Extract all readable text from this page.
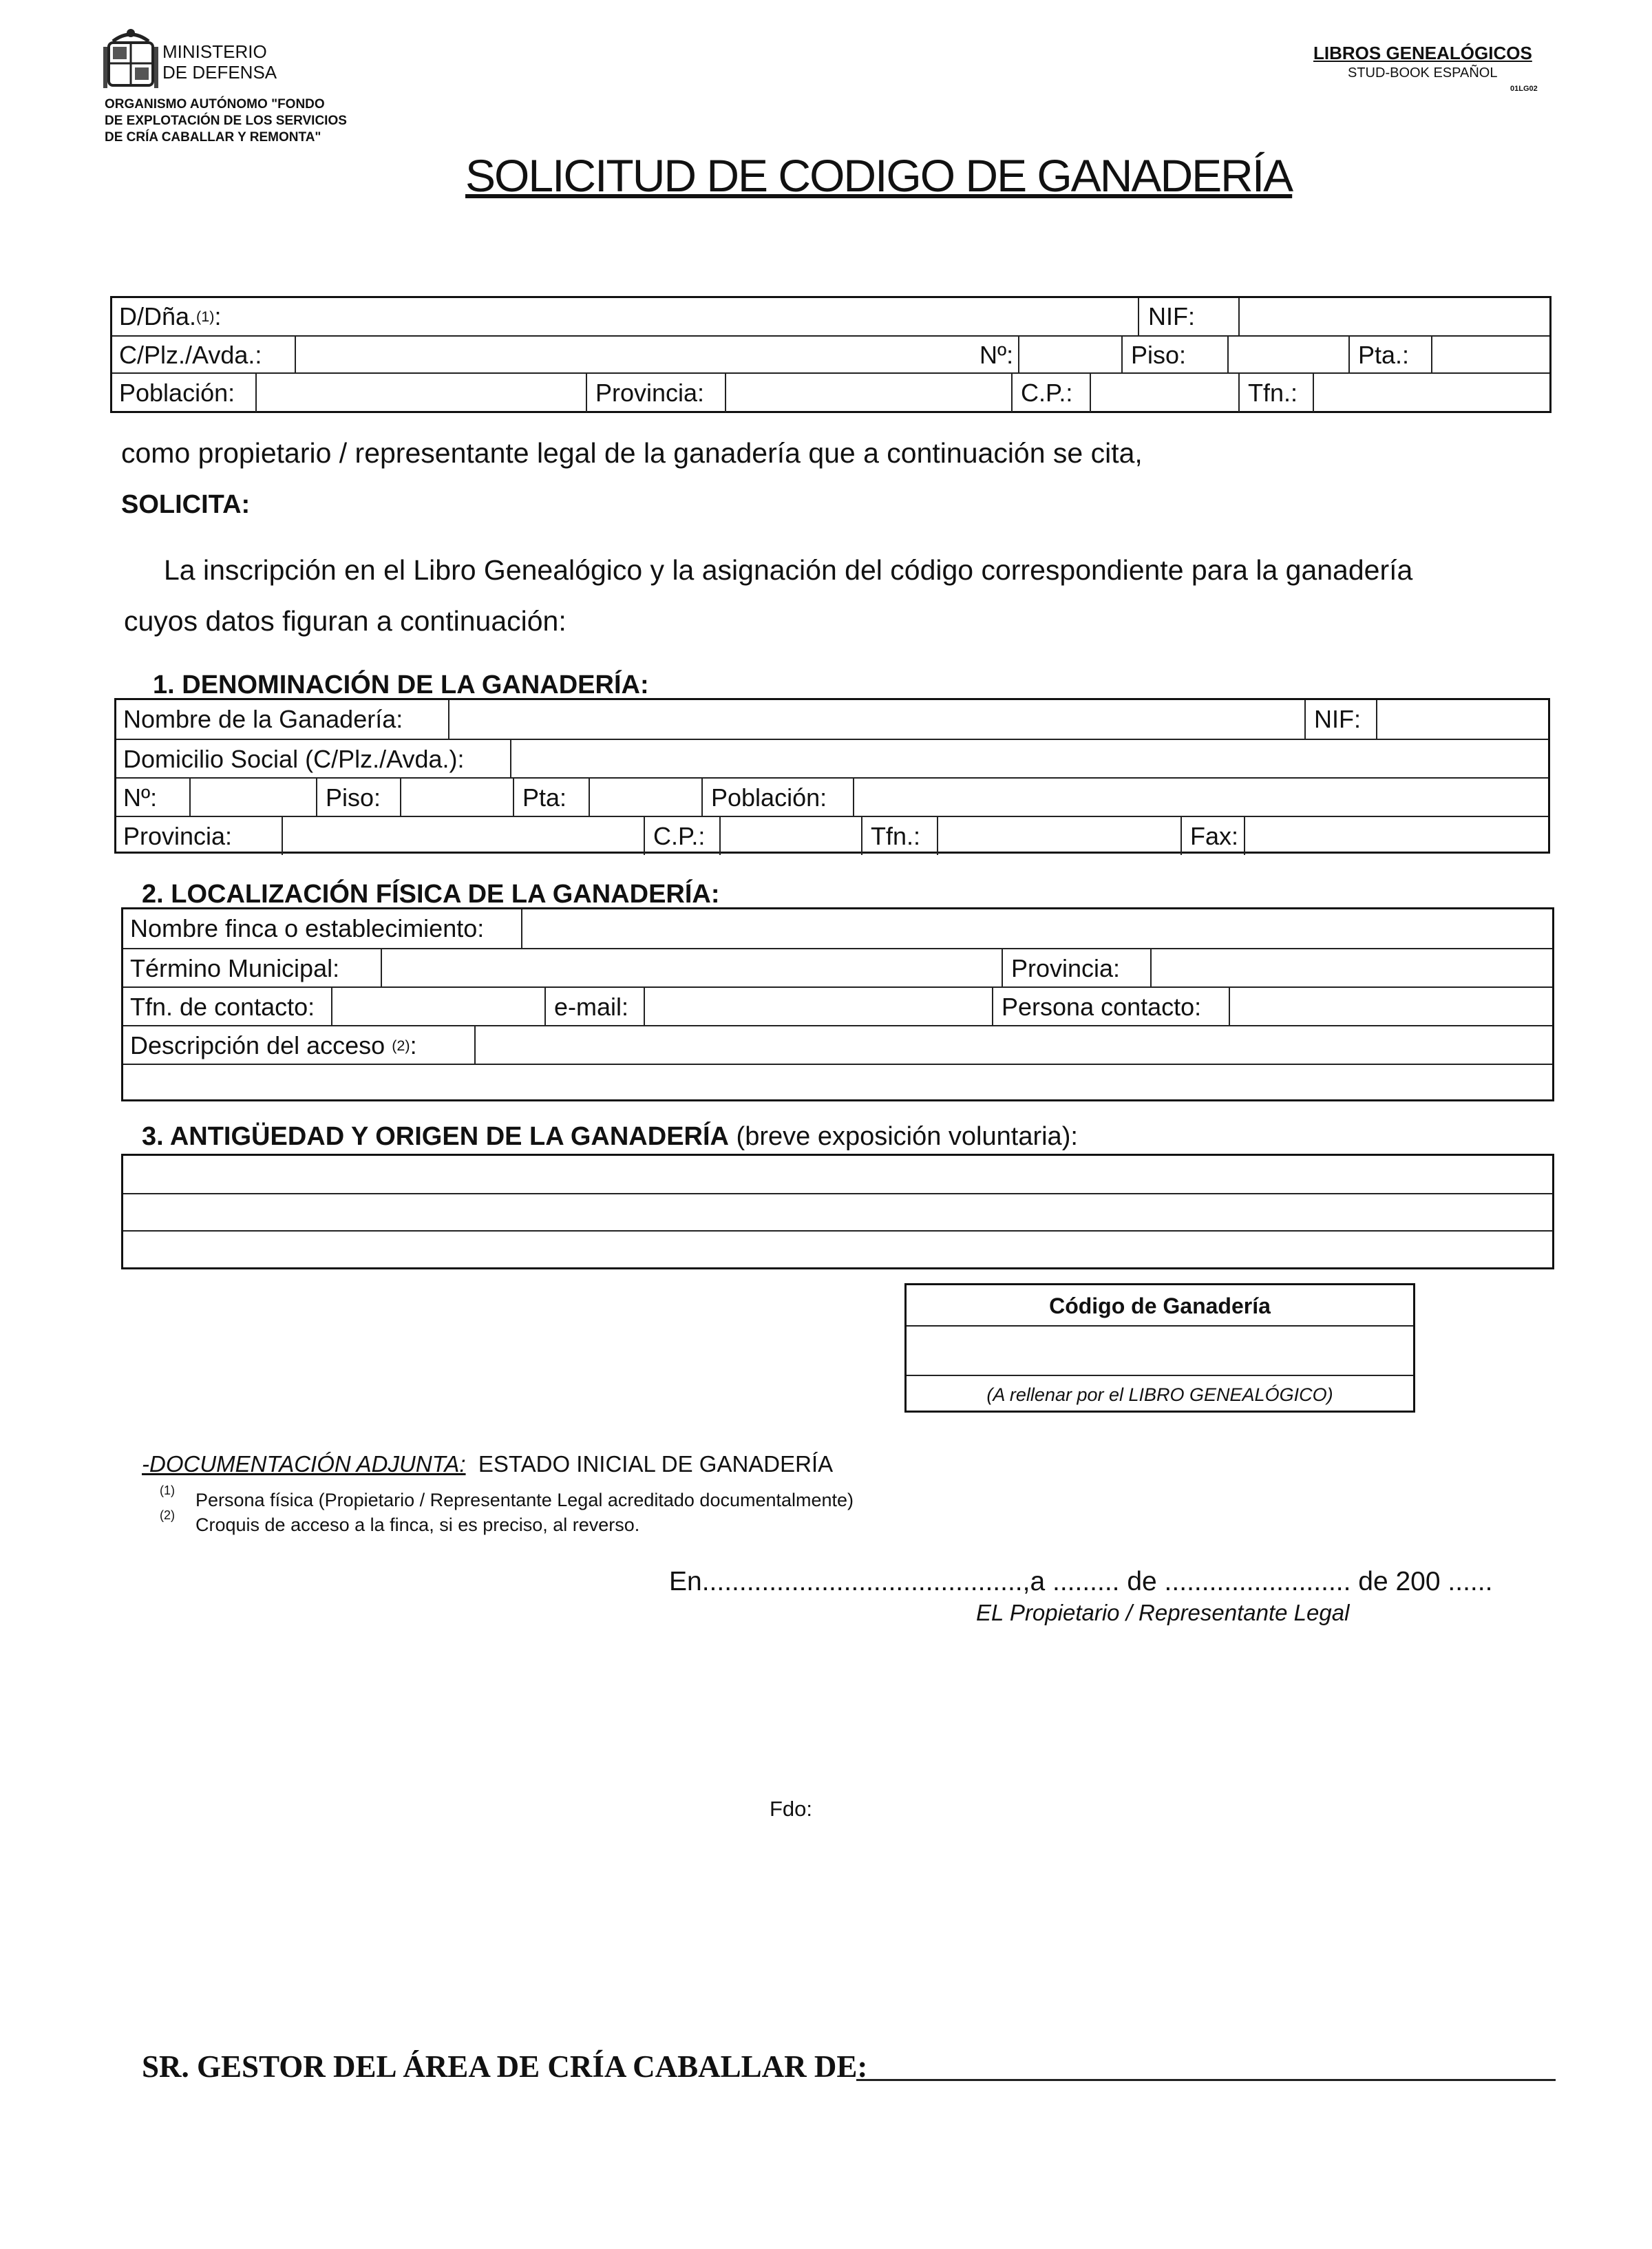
MINISTERIO
DE DEFENSA
ORGANISMO AUTÓNOMO "FONDO
DE EXPLOTACIÓN DE LOS SERVICIOS
DE CRÍA CABALLAR Y REMONTA"
LIBROS GENEALÓGICOS
STUD-BOOK ESPAÑOL
01LG02
SOLICITUD DE CODIGO DE GANADERÍA
D/Dña. (1) :	NIF:
C/Plz./Avda.:	Nº:	Piso:	Pta.:
Población:	Provincia:	C.P.:	Tfn.:
como propietario / representante legal de la ganadería que a continuación se cita,
SOLICITA:
La inscripción en el Libro Genealógico y la asignación del código correspondiente para la ganadería
cuyos datos figuran a continuación:
1. DENOMINACIÓN DE LA GANADERÍA:
Nombre de la Ganadería:	NIF:
Domicilio Social (C/Plz./Avda.):
Nº:	Piso:	Pta:	Población:
Provincia:	C.P.:	Tfn.:	Fax:
2. LOCALIZACIÓN FÍSICA DE LA GANADERÍA:
Nombre finca o establecimiento:
Término Municipal:	Provincia:
Tfn. de contacto:	e-mail:	Persona contacto:
Descripción del acceso
(2) :
3. ANTIGÜEDAD Y ORIGEN DE LA GANADERÍA (breve exposición voluntaria):
Código de Ganadería
(A rellenar por el LIBRO GENEALÓGICO)
-DOCUMENTACIÓN ADJUNTA: ESTADO INICIAL DE GANADERÍA
(1) Persona física (Propietario / Representante Legal acreditado documentalmente)
(2) Croquis de acceso a la finca, si es preciso, al reverso.
En...........................................,a ......... de ......................... de 200 ......
EL Propietario / Representante Legal
Fdo:
SR. GESTOR DEL ÁREA DE CRÍA CABALLAR DE:
